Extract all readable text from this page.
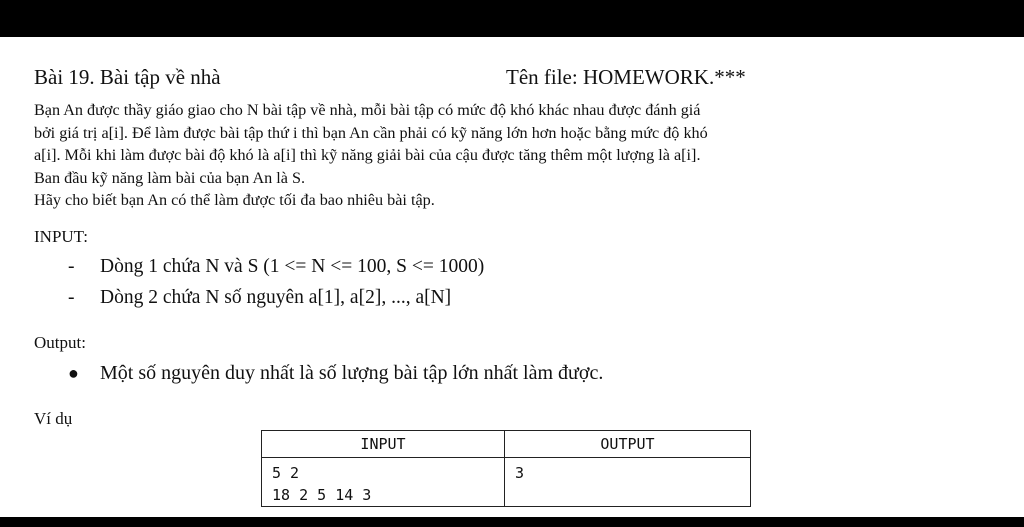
Bài 19. Bài tập về nhà	Tên file: HOMEWORK.***

Bạn An được thầy giáo giao cho N bài tập về nhà, mỗi bài tập có mức độ khó khác nhau được đánh giá
bởi giá trị a[i]. Để làm được bài tập thứ i thì bạn An cần phải có kỹ năng lớn hơn hoặc bằng mức độ khó
a[i]. Mỗi khi làm được bài độ khó là a[i] thì kỹ năng giải bài của cậu được tăng thêm một lượng là a[i].
Ban đầu kỹ năng làm bài của bạn An là S.
Hãy cho biết bạn An có thể làm được tối đa bao nhiêu bài tập.

INPUT:
- Dòng 1 chứa N và S (1 <= N <= 100, S <= 1000)
- Dòng 2 chứa N số nguyên a[1], a[2], ..., a[N]
Output:
● Một số nguyên duy nhất là số lượng bài tập lớn nhất làm được.
Ví dụ
INPUT	OUTPUT

5 2
18 2 5 14 3	3
